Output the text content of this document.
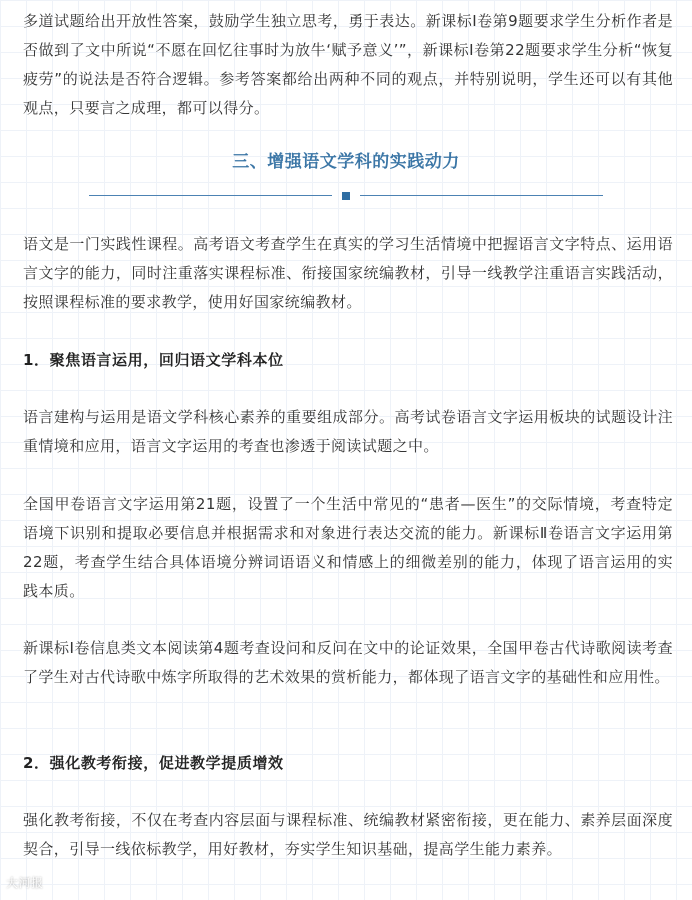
多道试题给出开放性答案，鼓励学生独立思考，勇于表达。新课标Ⅰ卷第9题要求学生分析作者是否做到了文中所说“不愿在回忆往事时为放牛‘赋予意义’”，新课标Ⅰ卷第22题要求学生分析“恢复疲劳”的说法是否符合逻辑。参考答案都给出两种不同的观点，并特别说明，学生还可以有其他观点，只要言之成理，都可以得分。

三、增强语文学科的实践动力

语文是一门实践性课程。高考语文考查学生在真实的学习生活情境中把握语言文字特点、运用语言文字的能力，同时注重落实课程标准、衔接国家统编教材，引导一线教学注重语言实践活动，按照课程标准的要求教学，使用好国家统编教材。

1．聚焦语言运用，回归语文学科本位

语言建构与运用是语文学科核心素养的重要组成部分。高考试卷语言文字运用板块的试题设计注重情境和应用，语言文字运用的考查也渗透于阅读试题之中。

全国甲卷语言文字运用第21题，设置了一个生活中常见的“患者—医生”的交际情境，考查特定语境下识别和提取必要信息并根据需求和对象进行表达交流的能力。新课标Ⅱ卷语言文字运用第22题，考查学生结合具体语境分辨词语语义和情感上的细微差别的能力，体现了语言运用的实践本质。

新课标Ⅰ卷信息类文本阅读第4题考查设问和反问在文中的论证效果，全国甲卷古代诗歌阅读考查了学生对古代诗歌中炼字所取得的艺术效果的赏析能力，都体现了语言文字的基础性和应用性。

2．强化教考衔接，促进教学提质增效

强化教考衔接，不仅在考查内容层面与课程标准、统编教材紧密衔接，更在能力、素养层面深度契合，引导一线依标教学，用好教材，夯实学生知识基础，提高学生能力素养。

大河报
